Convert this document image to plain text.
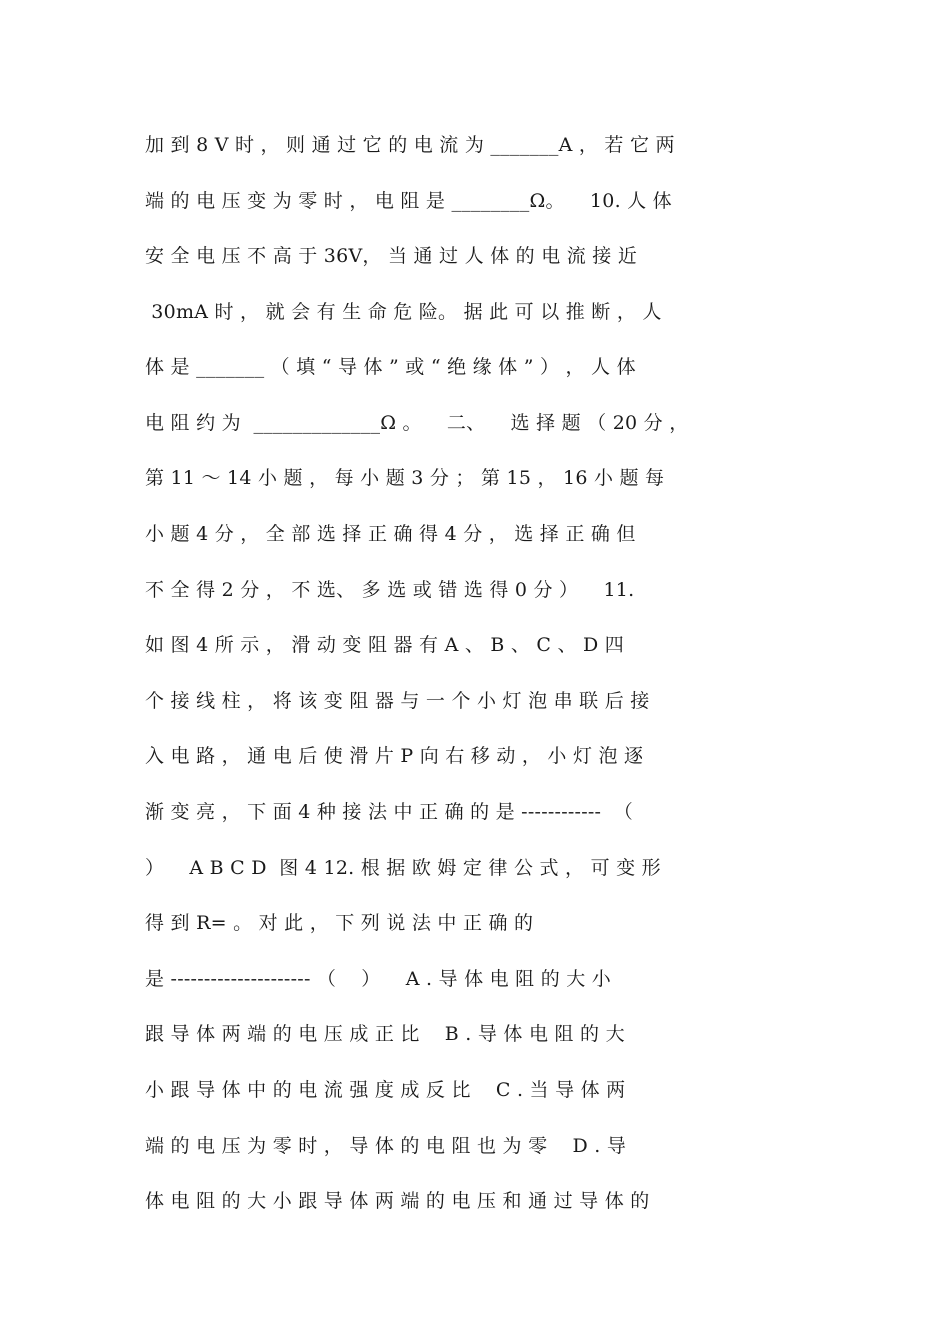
加 到 8 V 时 ， 则 通 过 它 的 电 流 为 _______A ， 若 它 两
端 的 电 压 变 为 零 时 ， 电 阻 是 ________Ω。    10. 人 体
安 全 电 压 不 高 于 36V， 当 通 过 人 体 的 电 流 接 近
30mA 时 ， 就 会 有 生 命 危 险。 据 此 可 以 推 断 ， 人
体 是 _______ （ 填 “ 导 体 ” 或 “ 绝 缘 体 ” ） ， 人 体
电 阻 约 为  _____________Ω 。    二、    选 择 题 （ 20 分 ，
第 11 ～ 14 小 题 ， 每 小 题 3 分 ； 第 15 ， 16 小 题 每
小 题 4 分 ， 全 部 选 择 正 确 得 4 分 ， 选 择 正 确 但
不 全 得 2 分 ， 不 选、 多 选 或 错 选 得 0 分 ）    11.
如 图 4 所 示 ， 滑 动 变 阻 器 有 A 、 B 、 C 、 D 四
个 接 线 柱 ， 将 该 变 阻 器 与 一 个 小 灯 泡 串 联 后 接
入 电 路 ， 通 电 后 使 滑 片 P 向 右 移 动 ， 小 灯 泡 逐
渐 变 亮 ， 下 面 4 种 接 法 中 正 确 的 是 ------------  （
）    A B C D  图 4 12. 根 据 欧 姆 定 律 公 式 ， 可 变 形
得 到 R= 。 对 此 ， 下 列 说 法 中 正 确 的
是 --------------------- （    ）    A . 导 体 电 阻 的 大 小
跟 导 体 两 端 的 电 压 成 正 比    B . 导 体 电 阻 的 大
小 跟 导 体 中 的 电 流 强 度 成 反 比    C . 当 导 体 两
端 的 电 压 为 零 时 ， 导 体 的 电 阻 也 为 零    D . 导
体 电 阻 的 大 小 跟 导 体 两 端 的 电 压 和 通 过 导 体 的
